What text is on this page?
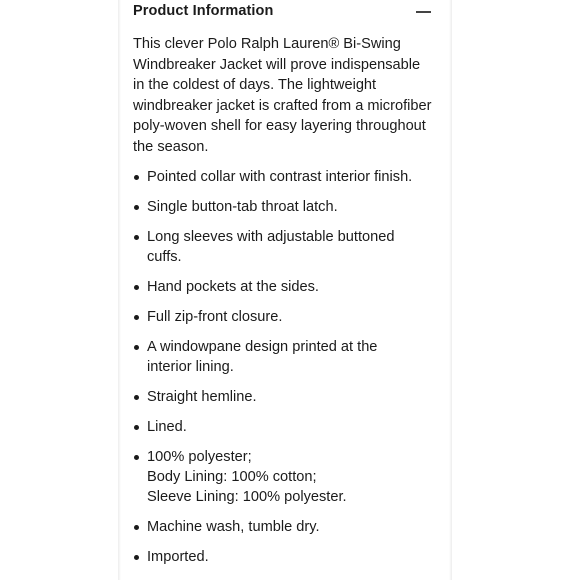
Product Information

This clever Polo Ralph Lauren® Bi-Swing Windbreaker Jacket will prove indispensable in the coldest of days. The lightweight windbreaker jacket is crafted from a microfiber poly-woven shell for easy layering throughout the season.

Pointed collar with contrast interior finish.
Single button-tab throat latch.
Long sleeves with adjustable buttoned
cuffs.
Hand pockets at the sides.
Full zip-front closure.
A windowpane design printed at the
interior lining.
Straight hemline.
Lined.
100% polyester;
Body Lining: 100% cotton;
Sleeve Lining: 100% polyester.
Machine wash, tumble dry.
Imported.
